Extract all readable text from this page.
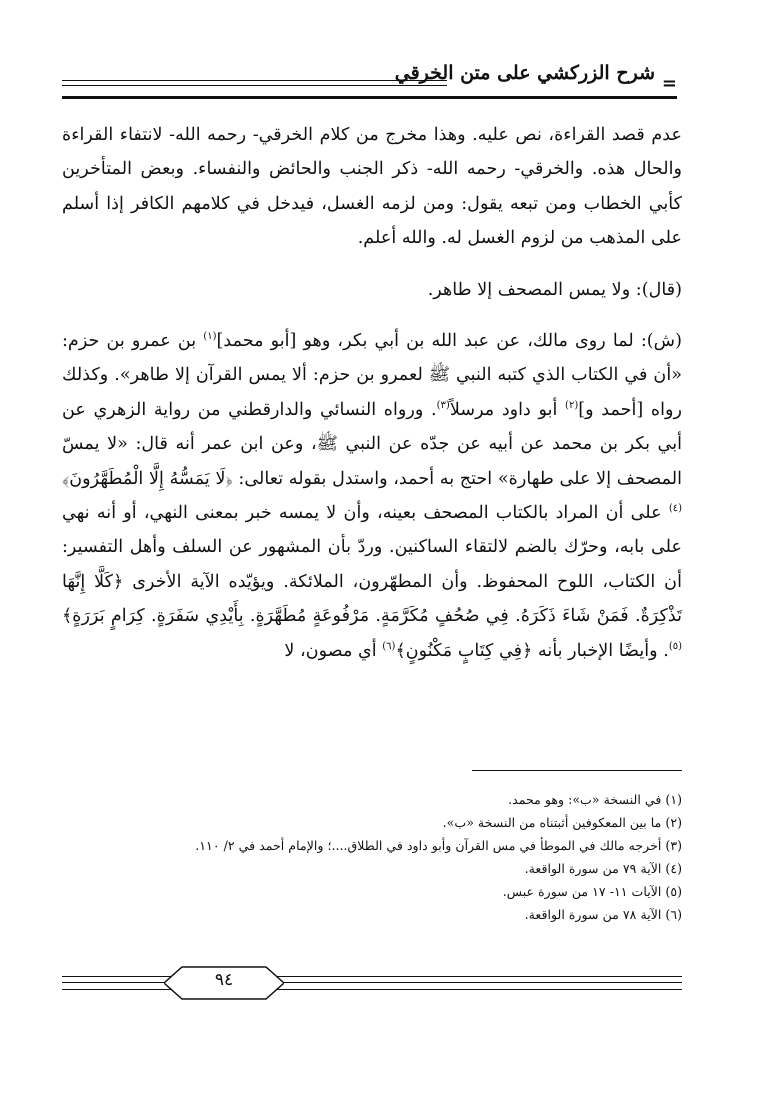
=
شرح الزركشي على متن الخرقي

عدم قصد القراءة، نص عليه. وهذا مخرج من كلام الخرقي- رحمه الله- لانتفاء القراءة والحال هذه. والخرقي- رحمه الله- ذكر الجنب والحائض والنفساء. وبعض المتأخرين كأبي الخطاب ومن تبعه يقول: ومن لزمه الغسل، فيدخل في كلامهم الكافر إذا أسلم على المذهب من لزوم الغسل له. والله أعلم.

(قال): ولا يمس المصحف إلا طاهر.

(ش): لما روى مالك، عن عبد الله بن أبي بكر، وهو [أبو محمد]$^{(١)}$ بن عمرو بن حزم: «أن في الكتاب الذي كتبه النبي ﷺ لعمرو بن حزم: ألا يمس القرآن إلا طاهر». وكذلك رواه [أحمد و]$^{(٢)}$ أبو داود مرسلاً$^{(٣)}$. ورواه النسائي والدارقطني من رواية الزهري عن أبي بكر بن محمد عن أبيه عن جدّه عن النبي ﷺ، وعن ابن عمر أنه قال: «لا يمسّ المصحف إلا على طهارة» احتج به أحمد، واستدل بقوله تعالى: ﴿لَا يَمَسُّهُ إِلَّا الْمُطَهَّرُونَ﴾$^{(٤)}$ على أن المراد بالكتاب المصحف بعينه، وأن لا يمسه خبر بمعنى النهي، أو أنه نهي على بابه، وحرّك بالضم لالتقاء الساكنين. وردّ بأن المشهور عن السلف وأهل التفسير: أن الكتاب، اللوح المحفوظ. وأن المطهّرون، الملائكة. ويؤيّده الآية الأخرى ﴿كَلَّا إِنَّهَا تَذْكِرَةٌ. فَمَنْ شَاءَ ذَكَرَهُ. فِي صُحُفٍ مُكَرَّمَةٍ. مَرْفُوعَةٍ مُطَهَّرَةٍ. بِأَيْدِي سَفَرَةٍ. كِرَامٍ بَرَرَةٍ﴾$^{(٥)}$. وأيضًا الإخبار بأنه ﴿فِي كِتَابٍ مَكْنُونٍ﴾$^{(٦)}$ أي مصون، لا

(١) في النسخة «ب»: وهو محمد.
(٢) ما بين المعكوفين أثبتناه من النسخة «ب».
(٣) أخرجه مالك في الموطأ في مس القرآن وأبو داود في الطلاق....؛ والإمام أحمد في ٢/ ١١٠.
(٤) الآية ٧٩ من سورة الواقعة.
(٥) الآيات ١١- ١٧ من سورة عبس.
(٦) الآية ٧٨ من سورة الواقعة.
٩٤
